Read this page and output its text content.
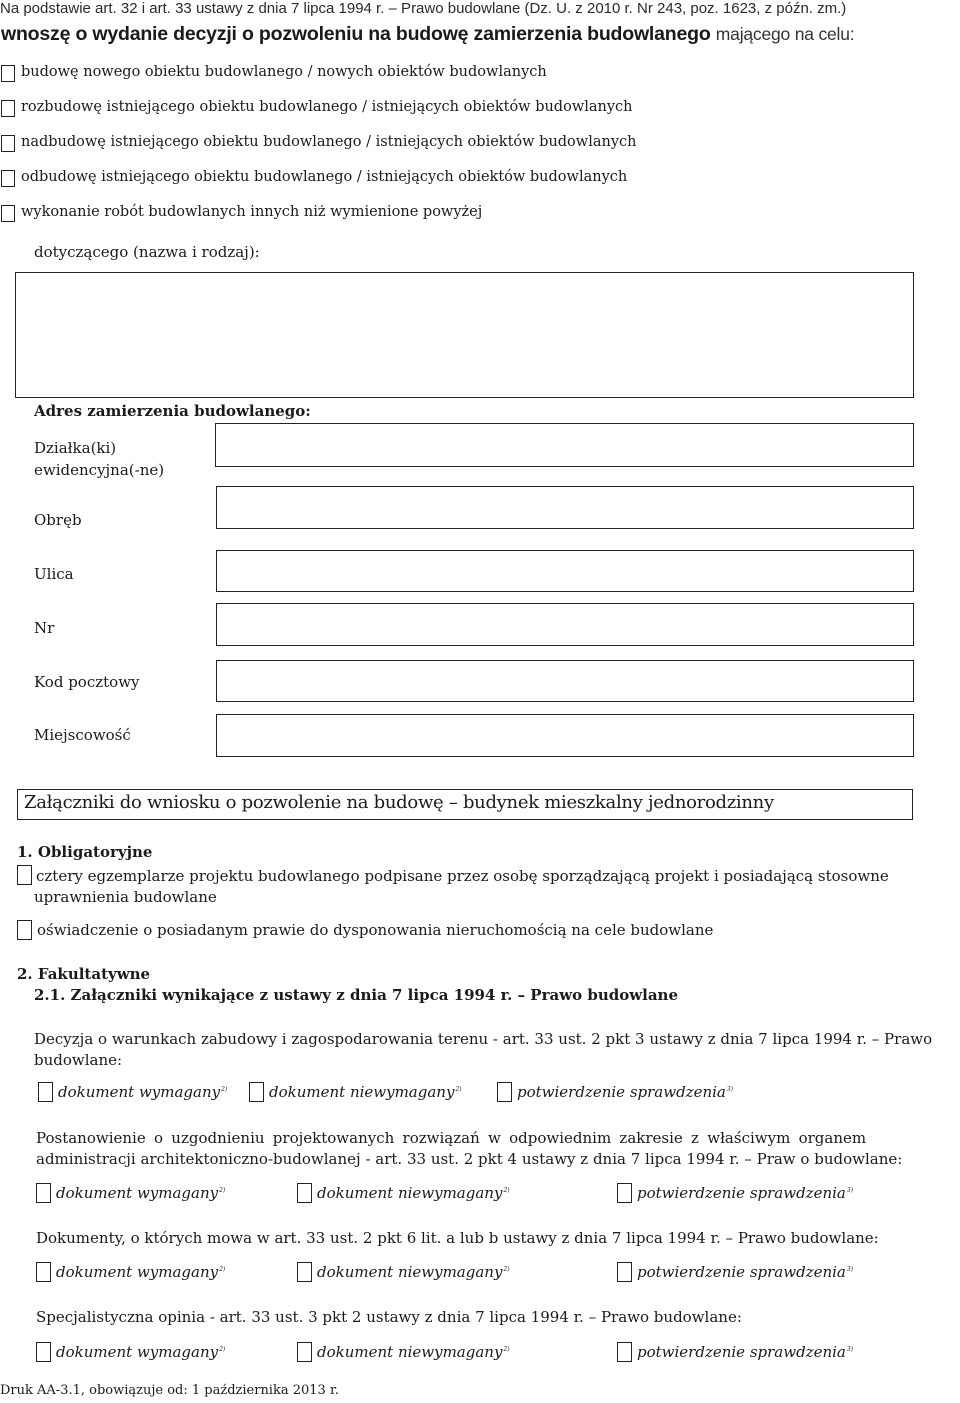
Na podstawie art. 32 i art. 33 ustawy z dnia 7 lipca 1994 r. – Prawo budowlane (Dz. U. z 2010 r. Nr 243, poz. 1623, z późn. zm.)
wnoszę o wydanie decyzji o pozwoleniu na budowę zamierzenia budowlanego mającego na celu:
budowę nowego obiektu budowlanego / nowych obiektów budowlanych
rozbudowę istniejącego obiektu budowlanego / istniejących obiektów budowlanych
nadbudowę istniejącego obiektu budowlanego / istniejących obiektów budowlanych
odbudowę istniejącego obiektu budowlanego / istniejących obiektów budowlanych
wykonanie robót budowlanych innych niż wymienione powyżej
dotyczącego (nazwa i rodzaj):
Adres zamierzenia budowlanego:
Działka(ki)
ewidencyjna(-ne)
Obręb
Ulica
Nr
Kod pocztowy
Miejscowość
Załączniki do wniosku o pozwolenie na budowę – budynek mieszkalny jednorodzinny
1. Obligatoryjne
cztery egzemplarze projektu budowlanego podpisane przez osobę sporządzającą projekt i posiadającą stosowne
uprawnienia budowlane
oświadczenie o posiadanym prawie do dysponowania nieruchomością na cele budowlane
2. Fakultatywne
2.1. Załączniki wynikające z ustawy z dnia 7 lipca 1994 r. – Prawo budowlane
Decyzja o warunkach zabudowy i zagospodarowania terenu - art. 33 ust. 2 pkt 3 ustawy z dnia 7 lipca 1994 r. – Prawo
budowlane:
dokument wymagany$^{2)}$	dokument niewymagany$^{2)}$	potwierdzenie sprawdzenia$^{3)}$
Postanowienie o uzgodnieniu projektowanych rozwiązań w odpowiednim zakresie z właściwym organem
administracji architektoniczno-budowlanej - art. 33 ust. 2 pkt 4 ustawy z dnia 7 lipca 1994 r. – Praw o budowlane:
dokument wymagany$^{2)}$	dokument niewymagany$^{2)}$	potwierdzenie sprawdzenia$^{3)}$
Dokumenty, o których mowa w art. 33 ust. 2 pkt 6 lit. a lub b ustawy z dnia 7 lipca 1994 r. – Prawo budowlane:
dokument wymagany$^{2)}$	dokument niewymagany$^{2)}$	potwierdzenie sprawdzenia$^{3)}$
Specjalistyczna opinia - art. 33 ust. 3 pkt 2 ustawy z dnia 7 lipca 1994 r. – Prawo budowlane:
dokument wymagany$^{2)}$	dokument niewymagany$^{2)}$	potwierdzenie sprawdzenia$^{3)}$
Druk AA-3.1, obowiązuje od: 1 października 2013 r.
